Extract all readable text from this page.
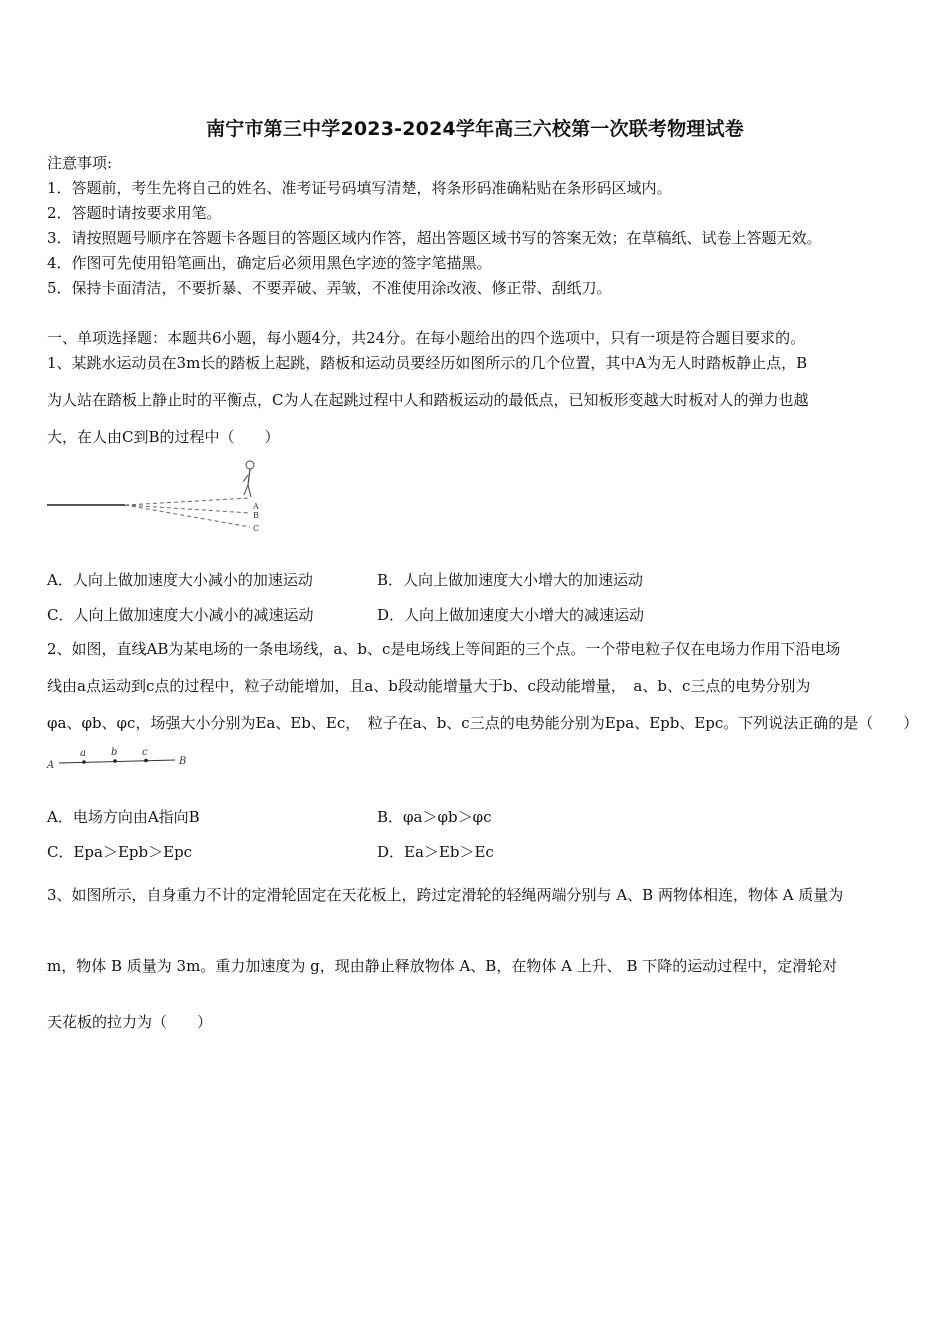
南宁市第三中学2023-2024学年高三六校第一次联考物理试卷
注意事项:
1．答题前，考生先将自己的姓名、准考证号码填写清楚，将条形码准确粘贴在条形码区域内。
2．答题时请按要求用笔。
3．请按照题号顺序在答题卡各题目的答题区域内作答，超出答题区域书写的答案无效；在草稿纸、试卷上答题无效。
4．作图可先使用铅笔画出，确定后必须用黑色字迹的签字笔描黑。
5．保持卡面清洁，不要折暴、不要弄破、弄皱，不准使用涂改液、修正带、刮纸刀。
一、单项选择题：本题共6小题，每小题4分，共24分。在每小题给出的四个选项中，只有一项是符合题目要求的。
1、某跳水运动员在3m长的踏板上起跳，踏板和运动员要经历如图所示的几个位置，其中A为无人时踏板静止点，B
为人站在踏板上静止时的平衡点，C为人在起跳过程中人和踏板运动的最低点，已知板形变越大时板对人的弹力也越
大，在人由C到B的过程中（　　）
A
B
C
A．人向上做加速度大小减小的加速运动	B．人向上做加速度大小增大的加速运动
C．人向上做加速度大小减小的减速运动	D．人向上做加速度大小增大的减速运动
2、如图，直线AB为某电场的一条电场线，a、b、c是电场线上等间距的三个点。一个带电粒子仅在电场力作用下沿电场
线由a点运动到c点的过程中，粒子动能增加，且a、b段动能增量大于b、c段动能增量，　a、b、c三点的电势分别为
φa、φb、φc，场强大小分别为Ea、Eb、Ec，　粒子在a、b、c三点的电势能分别为Epa、Epb、Epc。下列说法正确的是（　　）
A
a	b c
B
A．电场方向由A指向B	B．φa＞φb＞φc
C．Epa＞Epb＞Epc	D．Ea＞Eb＞Ec
3、如图所示，自身重力不计的定滑轮固定在天花板上，跨过定滑轮的轻绳两端分别与 A、B 两物体相连，物体 A 质量为
m，物体 B 质量为 3m。重力加速度为 g，现由静止释放物体 A、B，在物体 A 上升、 B 下降的运动过程中，定滑轮对
天花板的拉力为（　　）
